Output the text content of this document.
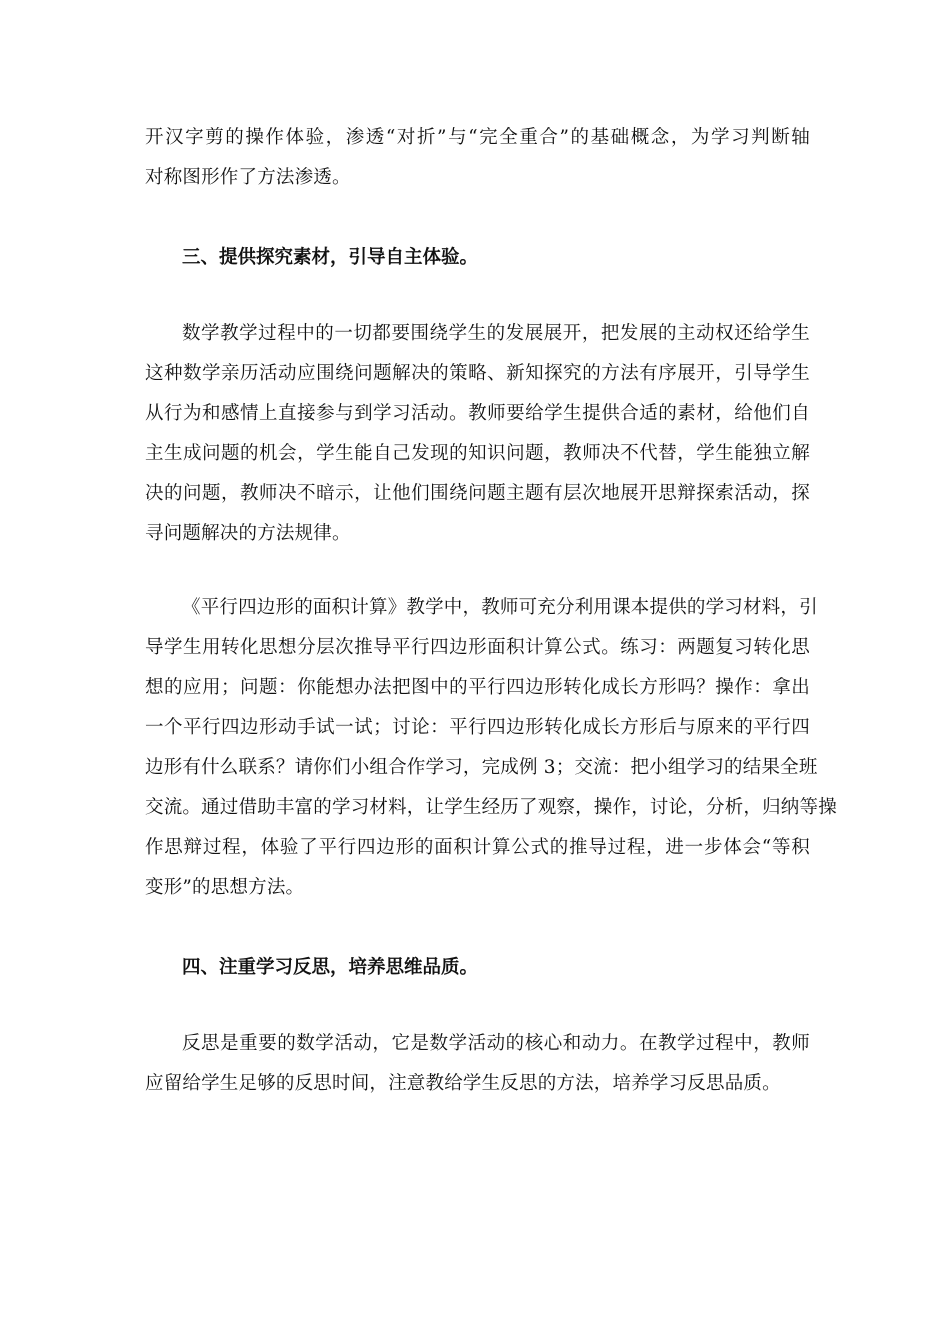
开汉字剪的操作体验，渗透“对折”与“完全重合”的基础概念，为学习判断轴
对称图形作了方法渗透。
三、提供探究素材，引导自主体验。
数学教学过程中的一切都要围绕学生的发展展开，把发展的主动权还给学生
这种数学亲历活动应围绕问题解决的策略、新知探究的方法有序展开，引导学生
从行为和感情上直接参与到学习活动。教师要给学生提供合适的素材，给他们自
主生成问题的机会，学生能自己发现的知识问题，教师决不代替，学生能独立解
决的问题，教师决不暗示，让他们围绕问题主题有层次地展开思辩探索活动，探
寻问题解决的方法规律。
《平行四边形的面积计算》教学中，教师可充分利用课本提供的学习材料，引
导学生用转化思想分层次推导平行四边形面积计算公式。练习：两题复习转化思
想的应用；问题：你能想办法把图中的平行四边形转化成长方形吗？操作：拿出
一个平行四边形动手试一试；讨论：平行四边形转化成长方形后与原来的平行四
边形有什么联系？请你们小组合作学习，完成例 3；交流：把小组学习的结果全班
交流。通过借助丰富的学习材料，让学生经历了观察，操作，讨论，分析，归纳等操
作思辩过程，体验了平行四边形的面积计算公式的推导过程，进一步体会“等积
变形”的思想方法。
四、注重学习反思，培养思维品质。
反思是重要的数学活动，它是数学活动的核心和动力。在教学过程中，教师
应留给学生足够的反思时间，注意教给学生反思的方法，培养学习反思品质。
